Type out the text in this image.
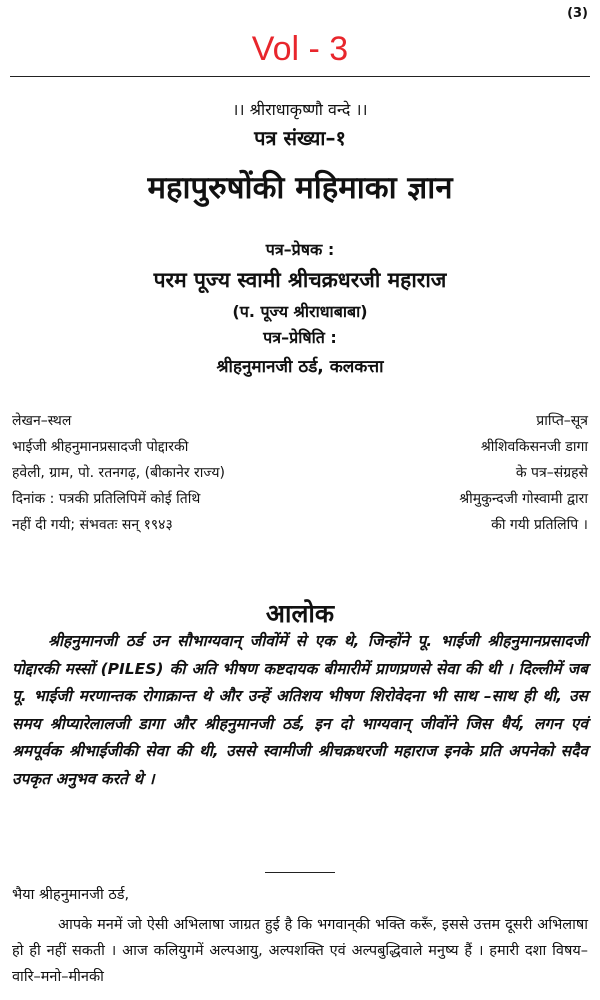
(3)
Vol - 3
।। श्रीराधाकृष्णौ वन्दे ।।
पत्र संख्या–१
महापुरुषोंकी महिमाका ज्ञान
पत्र–प्रेषक :
परम पूज्य स्वामी श्रीचक्रधरजी महाराज
(प. पूज्य श्रीराधाबाबा)
पत्र–प्रेषिति :
श्रीहनुमानजी ठर्ड, कलकत्ता
लेखन–स्थल
भाईजी श्रीहनुमानप्रसादजी पोद्दारकी
हवेली, ग्राम, पो. रतनगढ़, (बीकानेर राज्य)
दिनांक : पत्रकी प्रतिलिपिमें कोई तिथि
नहीं दी गयी; संभवतः सन् १९४३
प्राप्ति–सूत्र
श्रीशिवकिसनजी डागा
के पत्र–संग्रहसे
श्रीमुकुन्दजी गोस्वामी द्वारा
की गयी प्रतिलिपि ।
आलोक
श्रीहनुमानजी ठर्ड उन सौभाग्यवान् जीवोंमें से एक थे, जिन्होंने पू. भाईजी श्रीहनुमानप्रसादजी पोद्दारकी मस्सों (PILES) की अति भीषण कष्टदायक बीमारीमें प्राणप्रणसे सेवा की थी । दिल्लीमें जब पू. भाईजी मरणान्तक रोगाक्रान्त थे और उन्हें अतिशय भीषण शिरोवेदना भी साथ –साथ ही थी, उस समय श्रीप्यारेलालजी डागा और श्रीहनुमानजी ठर्ड, इन दो भाग्यवान् जीवोंने जिस धैर्य, लगन एवं श्रमपूर्वक श्रीभाईजीकी सेवा की थी, उससे स्वामीजी श्रीचक्रधरजी महाराज इनके प्रति अपनेको सदैव उपकृत अनुभव करते थे ।
भैया श्रीहनुमानजी ठर्ड,
आपके मनमें जो ऐसी अभिलाषा जाग्रत हुई है कि भगवान्‌की भक्ति करूँ, इससे उत्तम दूसरी अभिलाषा हो ही नहीं सकती । आज कलियुगमें अल्पआयु, अल्पशक्ति एवं अल्पबुद्धिवाले मनुष्य हैं । हमारी दशा विषय–वारि–मनो–मीनकी
